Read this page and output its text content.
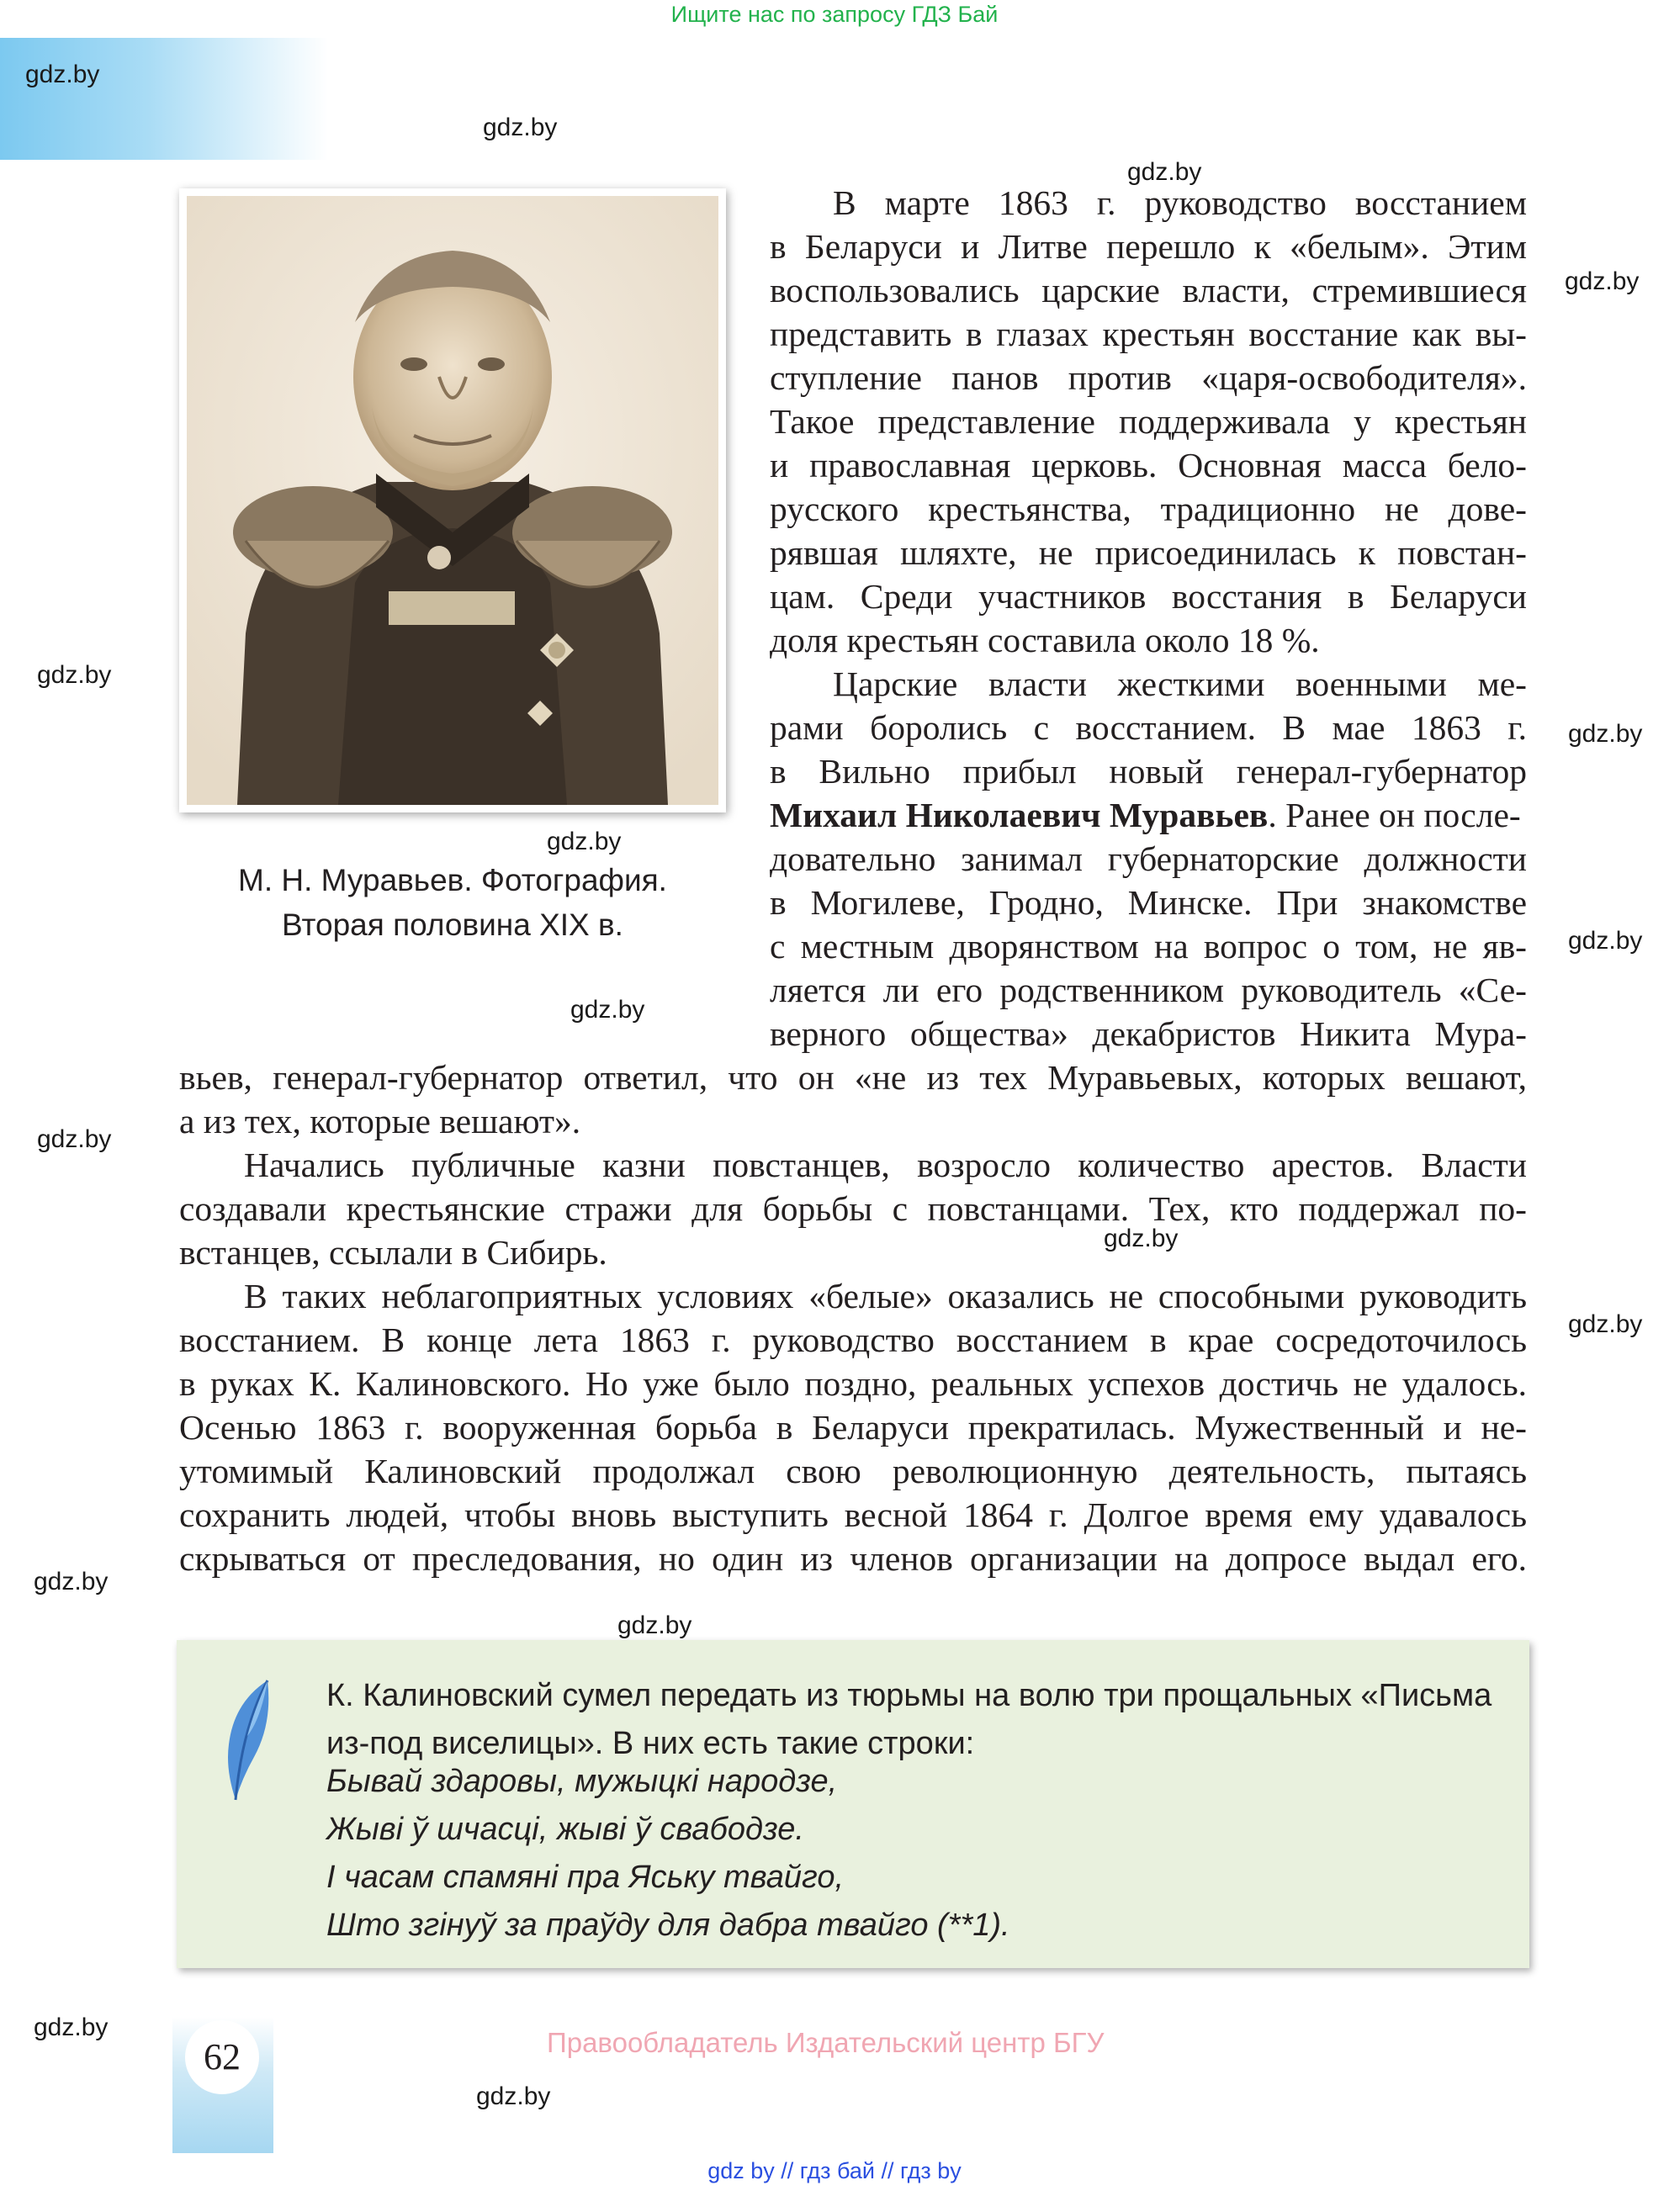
Ищите нас по запросу ГДЗ Бай
gdz.by
gdz.by
gdz.by
gdz.by
gdz.by
gdz.by
gdz.by
gdz.by
gdz.by
gdz.by
gdz.by
gdz.by
gdz.by
gdz.by
gdz.by
gdz.by
М. Н. Муравьев. Фотография.
Вторая половина XIX в.
В марте 1863 г. руководство восстанием
в Беларуси и Литве перешло к «белым». Этим
воспользовались царские власти, стремившиеся
представить в глазах крестьян восстание как вы-
ступление панов против «царя-освободителя».
Такое представление поддерживала у крестьян
и православная церковь. Основная масса бело-
русского крестьянства, традиционно не дове-
рявшая шляхте, не присоединилась к повстан-
цам. Среди участников восстания в Беларуси
доля крестьян составила около 18 %.
Царские власти жесткими военными ме-
рами боролись с восстанием. В мае 1863 г.
в Вильно прибыл новый генерал-губернатор
Михаил Николаевич Муравьев. Ранее он после-
довательно занимал губернаторские должности
в Могилеве, Гродно, Минске. При знакомстве
с местным дворянством на вопрос о том, не яв-
ляется ли его родственником руководитель «Се-
верного общества» декабристов Никита Мура-
вьев, генерал-губернатор ответил, что он «не из тех Муравьевых, которых вешают,
а из тех, которые вешают».
Начались публичные казни повстанцев, возросло количество арестов. Власти
создавали крестьянские стражи для борьбы с повстанцами. Тех, кто поддержал по-
встанцев, ссылали в Сибирь.
В таких неблагоприятных условиях «белые» оказались не способными руководить
восстанием. В конце лета 1863 г. руководство восстанием в крае сосредоточилось
в руках К. Калиновского. Но уже было поздно, реальных успехов достичь не удалось.
Осенью 1863 г. вооруженная борьба в Беларуси прекратилась. Мужественный и не-
утомимый Калиновский продолжал свою революционную деятельность, пытаясь
сохранить людей, чтобы вновь выступить весной 1864 г. Долгое время ему удавалось
скрываться от преследования, но один из членов организации на допросе выдал его.
К. Калиновский сумел передать из тюрьмы на волю три прощальных «Письма
из-под виселицы». В них есть такие строки:
Бывай здаровы, мужыцкі народзе,
Жывi ў шчасці, жыві ў свабодзе.
І часам спамяні пра Яську твайго,
Што згінуў за праўду для дабра твайго (**1).
62	Правообладатель Издательский центр БГУ
gdz by // гдз бай // гдз by
